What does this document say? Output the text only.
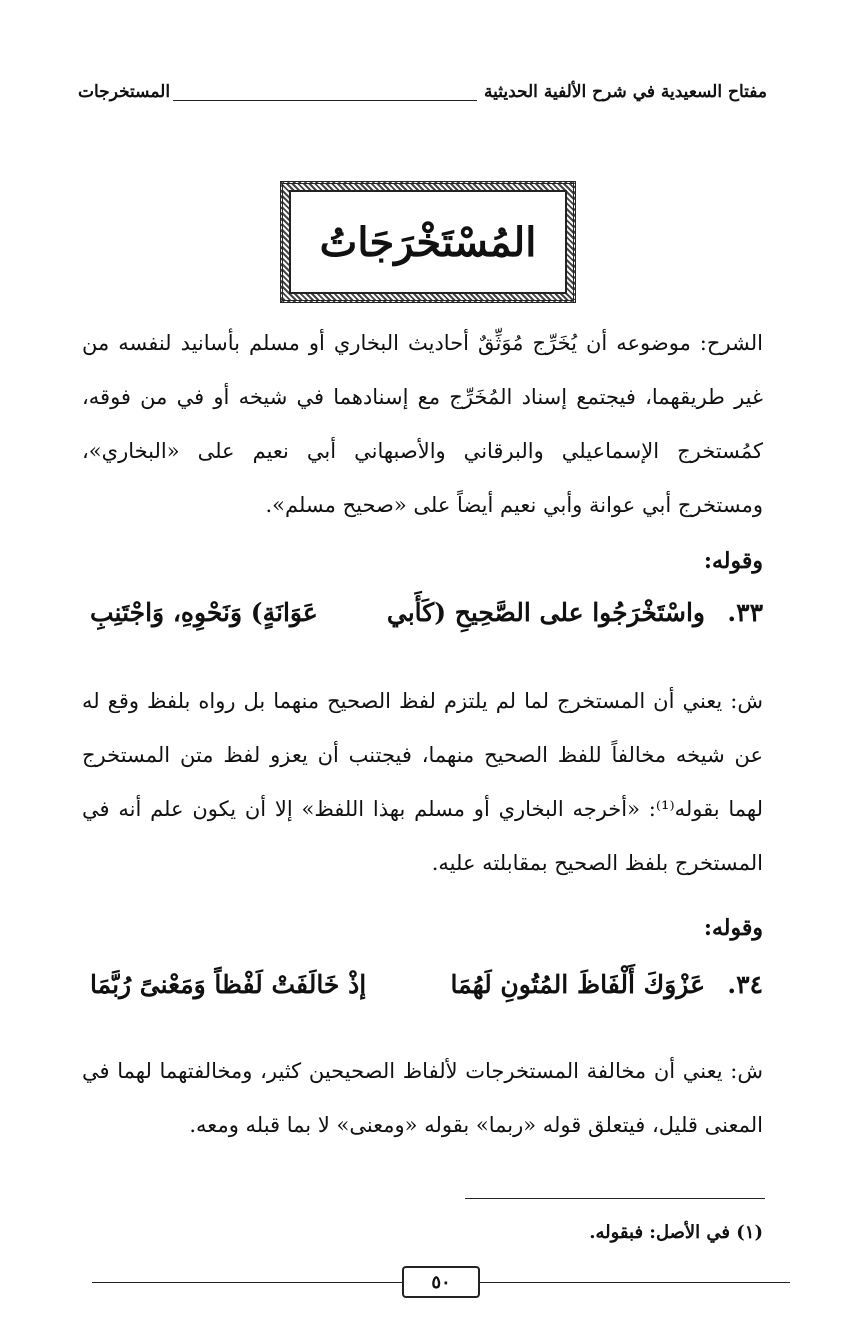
مفتاح السعيدية في شرح الألفية الحديثية
المستخرجات
المُسْتَخْرَجَاتُ

الشرح: موضوعه أن يُخَرِّج مُوَثِّقٌ أحاديث البخاري أو مسلم بأسانيد لنفسه من غير طريقهما، فيجتمع إسناد المُخَرِّج مع إسنادهما في شيخه أو في من فوقه، كمُستخرج الإسماعيلي والبرقاني والأصبهاني أبي نعيم على «البخاري»، ومستخرج أبي عوانة وأبي نعيم أيضاً على «صحيح مسلم».

وقوله:
٣٣.
واسْتَخْرَجُوا على الصَّحِيحِ (كَأَبي
عَوَانَةٍ) وَنَحْوِهِ، وَاجْتَنِبِ

ش: يعني أن المستخرج لما لم يلتزم لفظ الصحيح منهما بل رواه بلفظ وقع له عن شيخه مخالفاً للفظ الصحيح منهما، فيجتنب أن يعزو لفظ متن المستخرج لهما بقوله⁽¹⁾: «أخرجه البخاري أو مسلم بهذا اللفظ» إلا أن يكون علم أنه في المستخرج بلفظ الصحيح بمقابلته عليه.

وقوله:
٣٤.
عَزْوَكَ أَلْفَاظَ المُتُونِ لَهُمَا
إذْ خَالَفَتْ لَفْظاً وَمَعْنىً رُبَّمَا

ش: يعني أن مخالفة المستخرجات لألفاظ الصحيحين كثير، ومخالفتهما لهما في المعنى قليل، فيتعلق قوله «ربما» بقوله «ومعنى» لا بما قبله ومعه.

(١) في الأصل: فبقوله.
٥٠
